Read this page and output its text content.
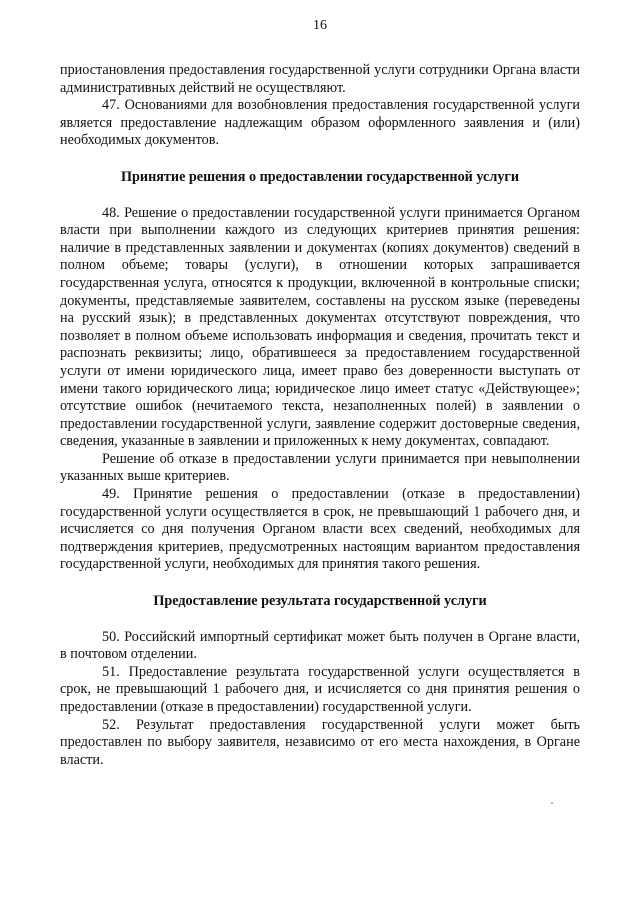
16

приостановления предоставления государственной услуги сотрудники Органа власти административных действий не осуществляют.

47. Основаниями для возобновления предоставления государственной услуги является предоставление надлежащим образом оформленного заявления и (или) необходимых документов.

Принятие решения о предоставлении государственной услуги

48. Решение о предоставлении государственной услуги принимается Органом власти при выполнении каждого из следующих критериев принятия решения: наличие в представленных заявлении и документах (копиях документов) сведений в полном объеме; товары (услуги), в отношении которых запрашивается государственная услуга, относятся к продукции, включенной в контрольные списки; документы, представляемые заявителем, составлены на русском языке (переведены на русский язык); в представленных документах отсутствуют повреждения, что позволяет в полном объеме использовать информация и сведения, прочитать текст и распознать реквизиты; лицо, обратившееся за предоставлением государственной услуги от имени юридического лица, имеет право без доверенности выступать от имени такого юридического лица; юридическое лицо имеет статус «Действующее»; отсутствие ошибок (нечитаемого текста, незаполненных полей) в заявлении о предоставлении государственной услуги, заявление содержит достоверные сведения, сведения, указанные в заявлении и приложенных к нему документах, совпадают.

Решение об отказе в предоставлении услуги принимается при невыполнении указанных выше критериев.

49. Принятие решения о предоставлении (отказе в предоставлении) государственной услуги осуществляется в срок, не превышающий 1 рабочего дня, и исчисляется со дня получения Органом власти всех сведений, необходимых для подтверждения критериев, предусмотренных настоящим вариантом предоставления государственной услуги, необходимых для принятия такого решения.

Предоставление результата государственной услуги

50. Российский импортный сертификат может быть получен в Органе власти, в почтовом отделении.

51. Предоставление результата государственной услуги осуществляется в срок, не превышающий 1 рабочего дня, и исчисляется со дня принятия решения о предоставлении (отказе в предоставлении) государственной услуги.

52. Результат предоставления государственной услуги может быть предоставлен по выбору заявителя, независимо от его места нахождения, в Органе власти.
